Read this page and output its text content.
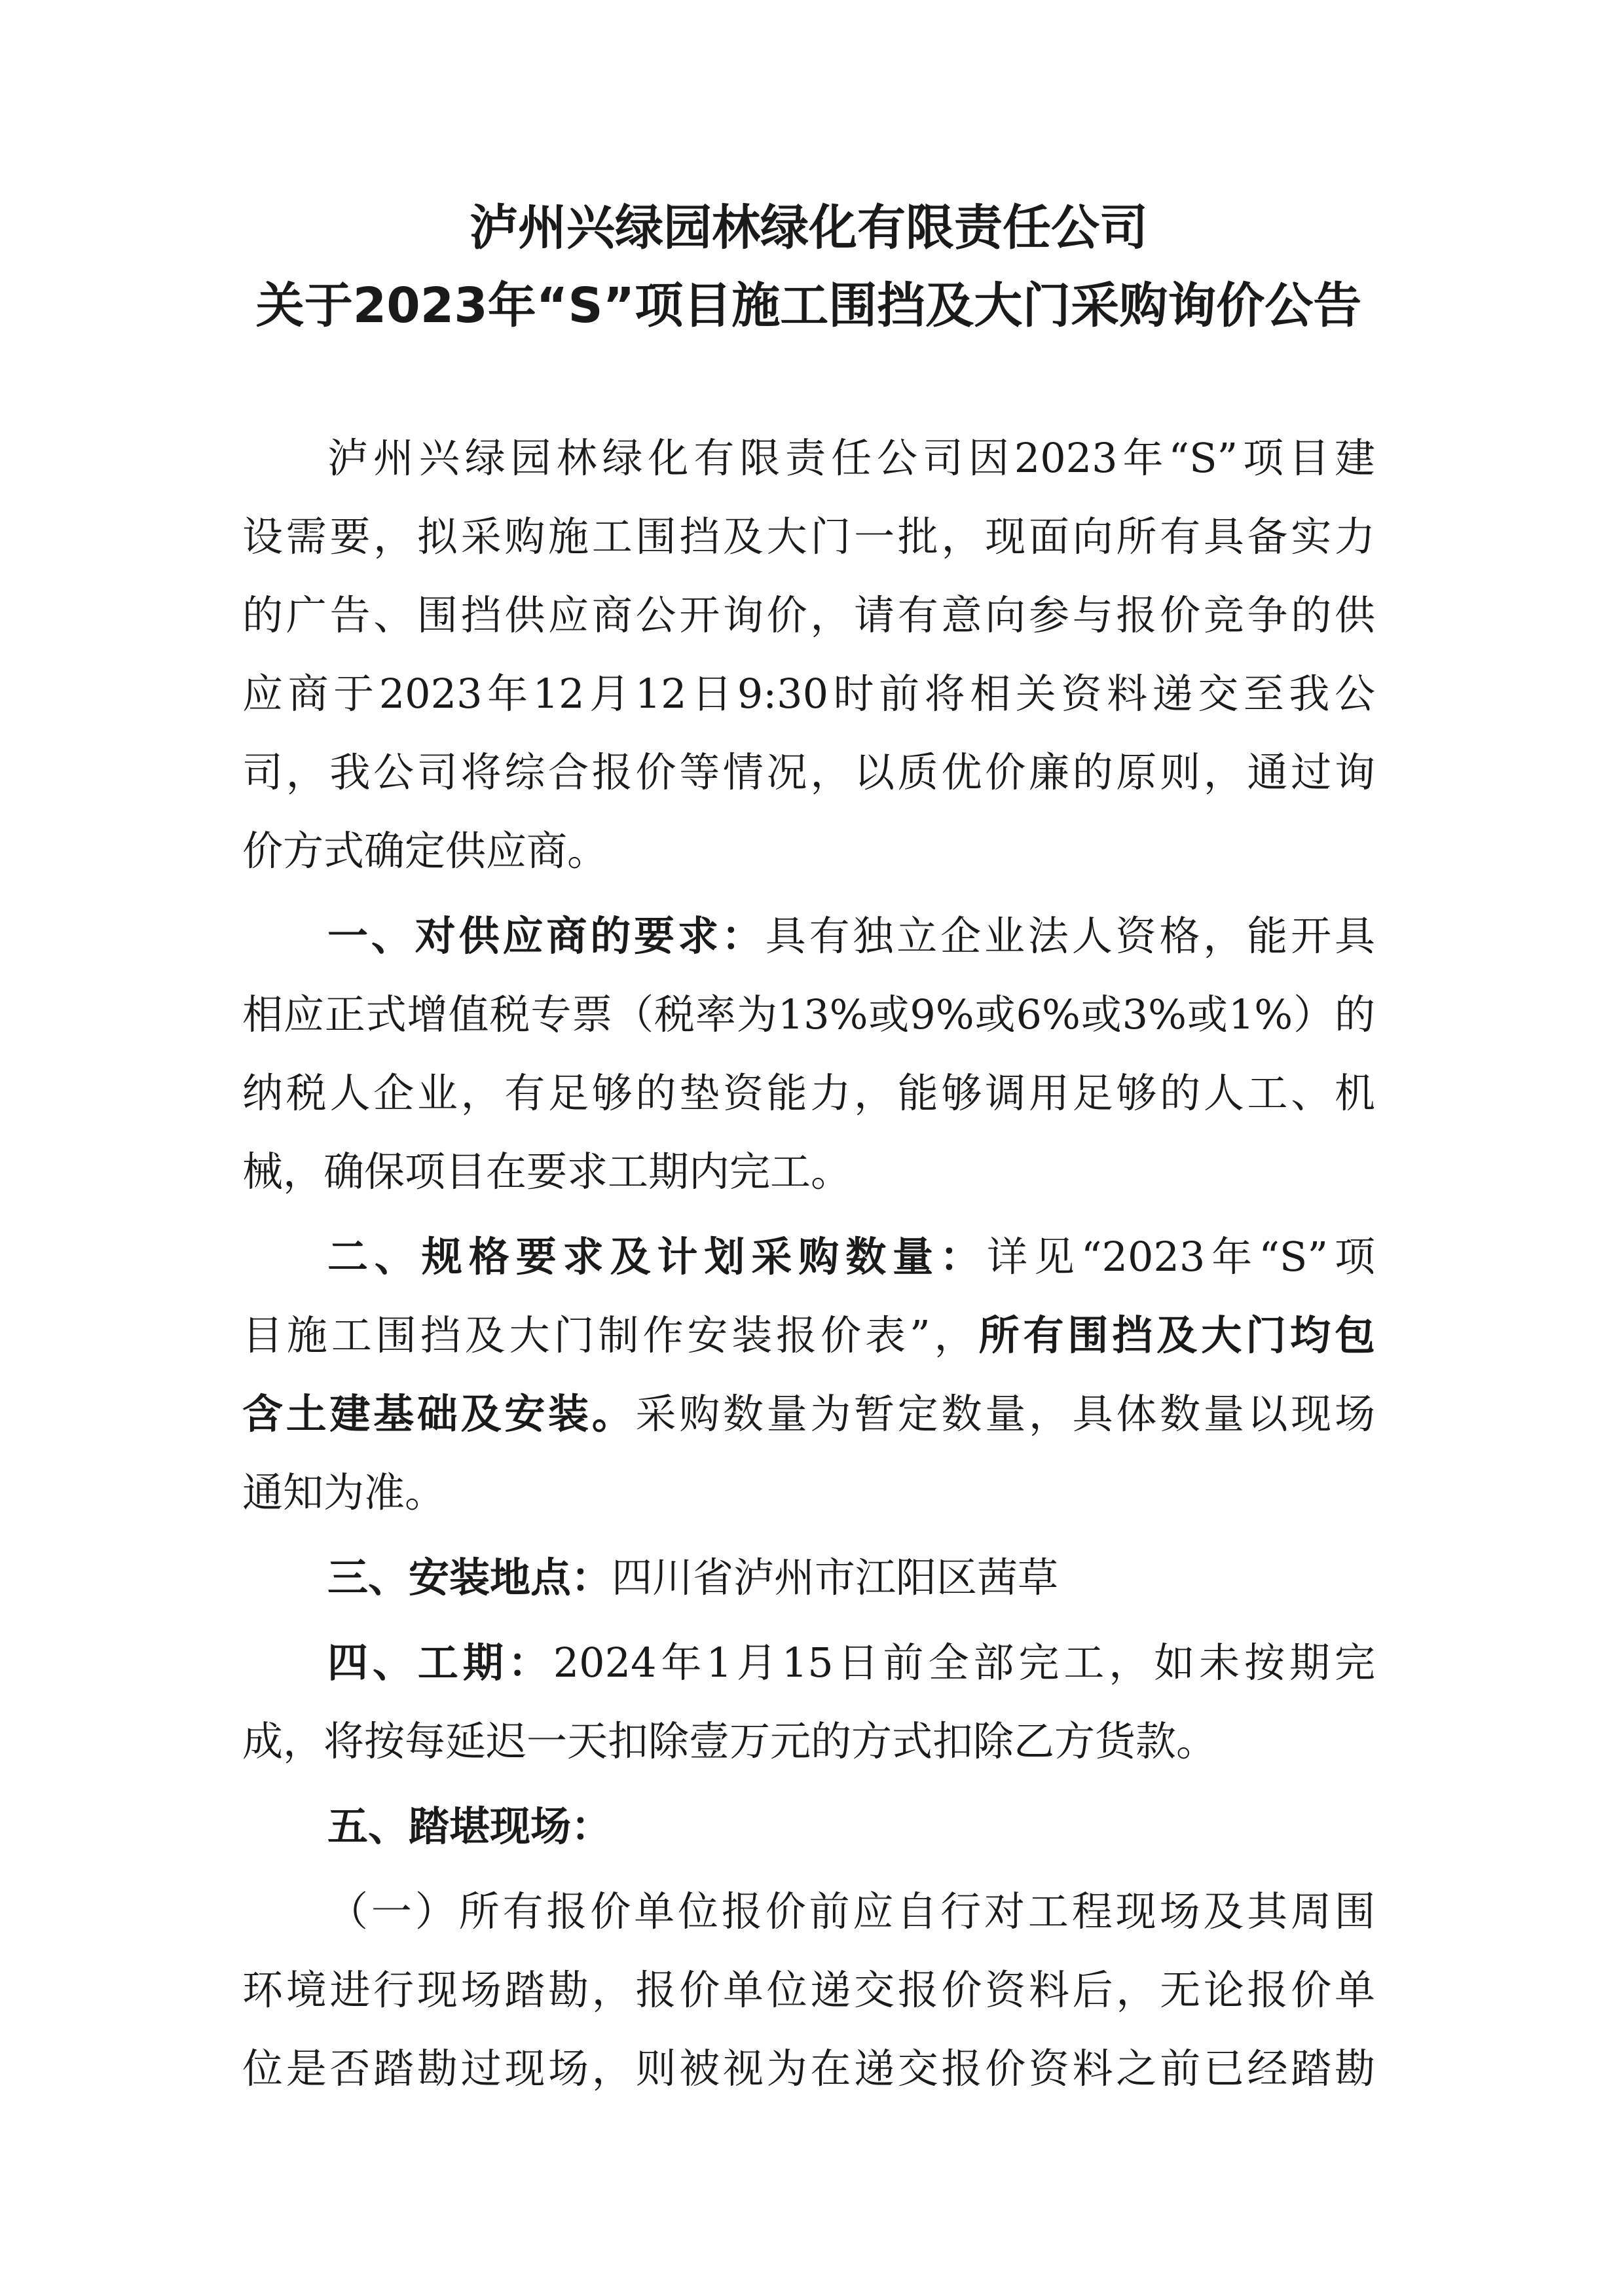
泸州兴绿园林绿化有限责任公司
关于2023年“S”项目施工围挡及大门采购询价公告
泸州兴绿园林绿化有限责任公司因2023年“S”项目建
设需要，拟采购施工围挡及大门一批，现面向所有具备实力
的广告、围挡供应商公开询价，请有意向参与报价竞争的供
应商于2023年12月12日9:30时前将相关资料递交至我公
司，我公司将综合报价等情况，以质优价廉的原则，通过询
价方式确定供应商。
一、对供应商的要求：具有独立企业法人资格，能开具
相应正式增值税专票（税率为13%或9%或6%或3%或1%）的
纳税人企业，有足够的垫资能力，能够调用足够的人工、机
械，确保项目在要求工期内完工。
二、规格要求及计划采购数量：详见“2023年“S”项
目施工围挡及大门制作安装报价表”，所有围挡及大门均包
含土建基础及安装。采购数量为暂定数量，具体数量以现场
通知为准。
三、安装地点：四川省泸州市江阳区茜草
四、工期：2024年1月15日前全部完工，如未按期完
成，将按每延迟一天扣除壹万元的方式扣除乙方货款。
五、踏堪现场：
（一）所有报价单位报价前应自行对工程现场及其周围
环境进行现场踏勘，报价单位递交报价资料后，无论报价单
位是否踏勘过现场，则被视为在递交报价资料之前已经踏勘
